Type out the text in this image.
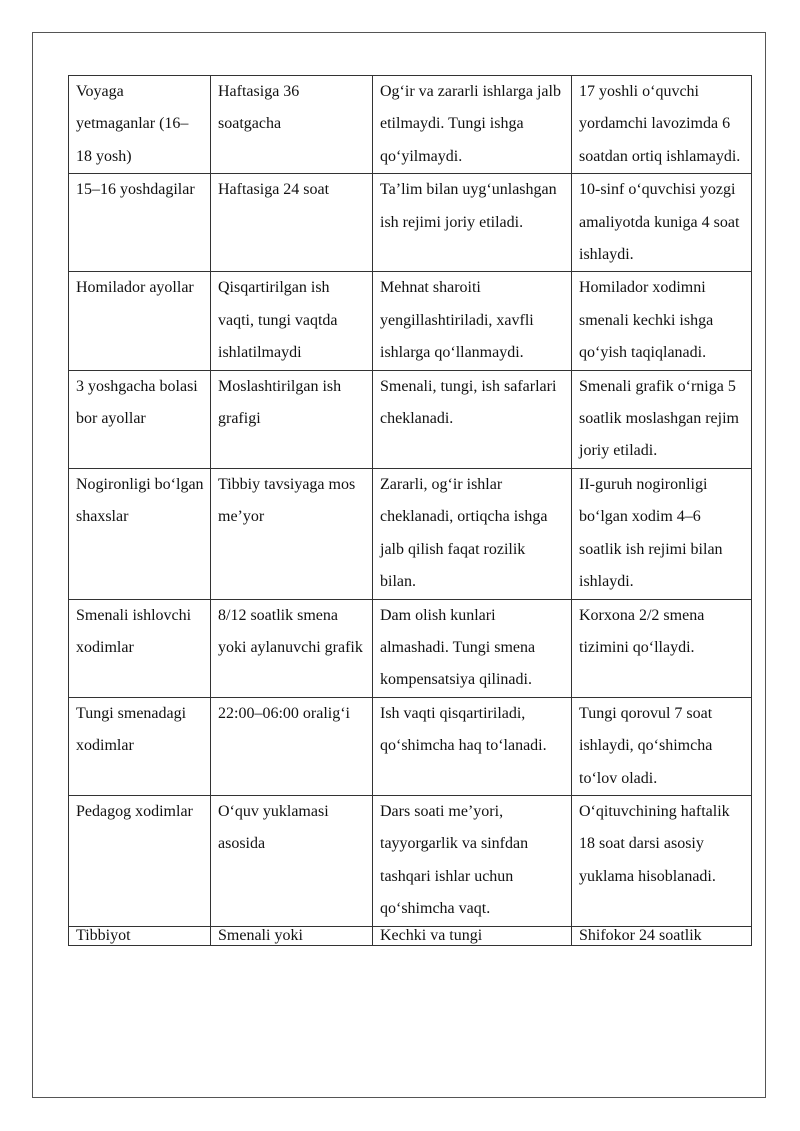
Voyaga yetmaganlar (16–18 yosh)	Haftasiga 36 soatgacha	Og‘ir va zararli ishlarga jalb etilmaydi. Tungi ishga qo‘yilmaydi.	17 yoshli o‘quvchi yordamchi lavozimda 6 soatdan ortiq ishlamaydi.
15–16 yoshdagilar	Haftasiga 24 soat	Ta’lim bilan uyg‘unlashgan ish rejimi joriy etiladi.	10-sinf o‘quvchisi yozgi amaliyotda kuniga 4 soat ishlaydi.
Homilador ayollar	Qisqartirilgan ish vaqti, tungi vaqtda ishlatilmaydi	Mehnat sharoiti yengillashtiriladi, xavfli ishlarga qo‘llanmaydi.	Homilador xodimni smenali kechki ishga qo‘yish taqiqlanadi.
3 yoshgacha bolasi bor ayollar	Moslashtirilgan ish grafigi	Smenali, tungi, ish safarlari cheklanadi.	Smenali grafik o‘rniga 5 soatlik moslashgan rejim joriy etiladi.
Nogironligi bo‘lgan shaxslar	Tibbiy tavsiyaga mos me’yor	Zararli, og‘ir ishlar cheklanadi, ortiqcha ishga jalb qilish faqat rozilik bilan.	II-guruh nogironligi bo‘lgan xodim 4–6 soatlik ish rejimi bilan ishlaydi.
Smenali ishlovchi xodimlar	8/12 soatlik smena yoki aylanuvchi grafik	Dam olish kunlari almashadi. Tungi smena kompensatsiya qilinadi.	Korxona 2/2 smena tizimini qo‘llaydi.
Tungi smenadagi xodimlar	22:00–06:00 oralig‘i	Ish vaqti qisqartiriladi, qo‘shimcha haq to‘lanadi.	Tungi qorovul 7 soat ishlaydi, qo‘shimcha to‘lov oladi.
Pedagog xodimlar	O‘quv yuklamasi asosida	Dars soati me’yori, tayyorgarlik va sinfdan tashqari ishlar uchun qo‘shimcha vaqt.	O‘qituvchining haftalik 18 soat darsi asosiy yuklama hisoblanadi.

Tibbiyot	Smenali yoki	Kechki va tungi	Shifokor 24 soatlik
